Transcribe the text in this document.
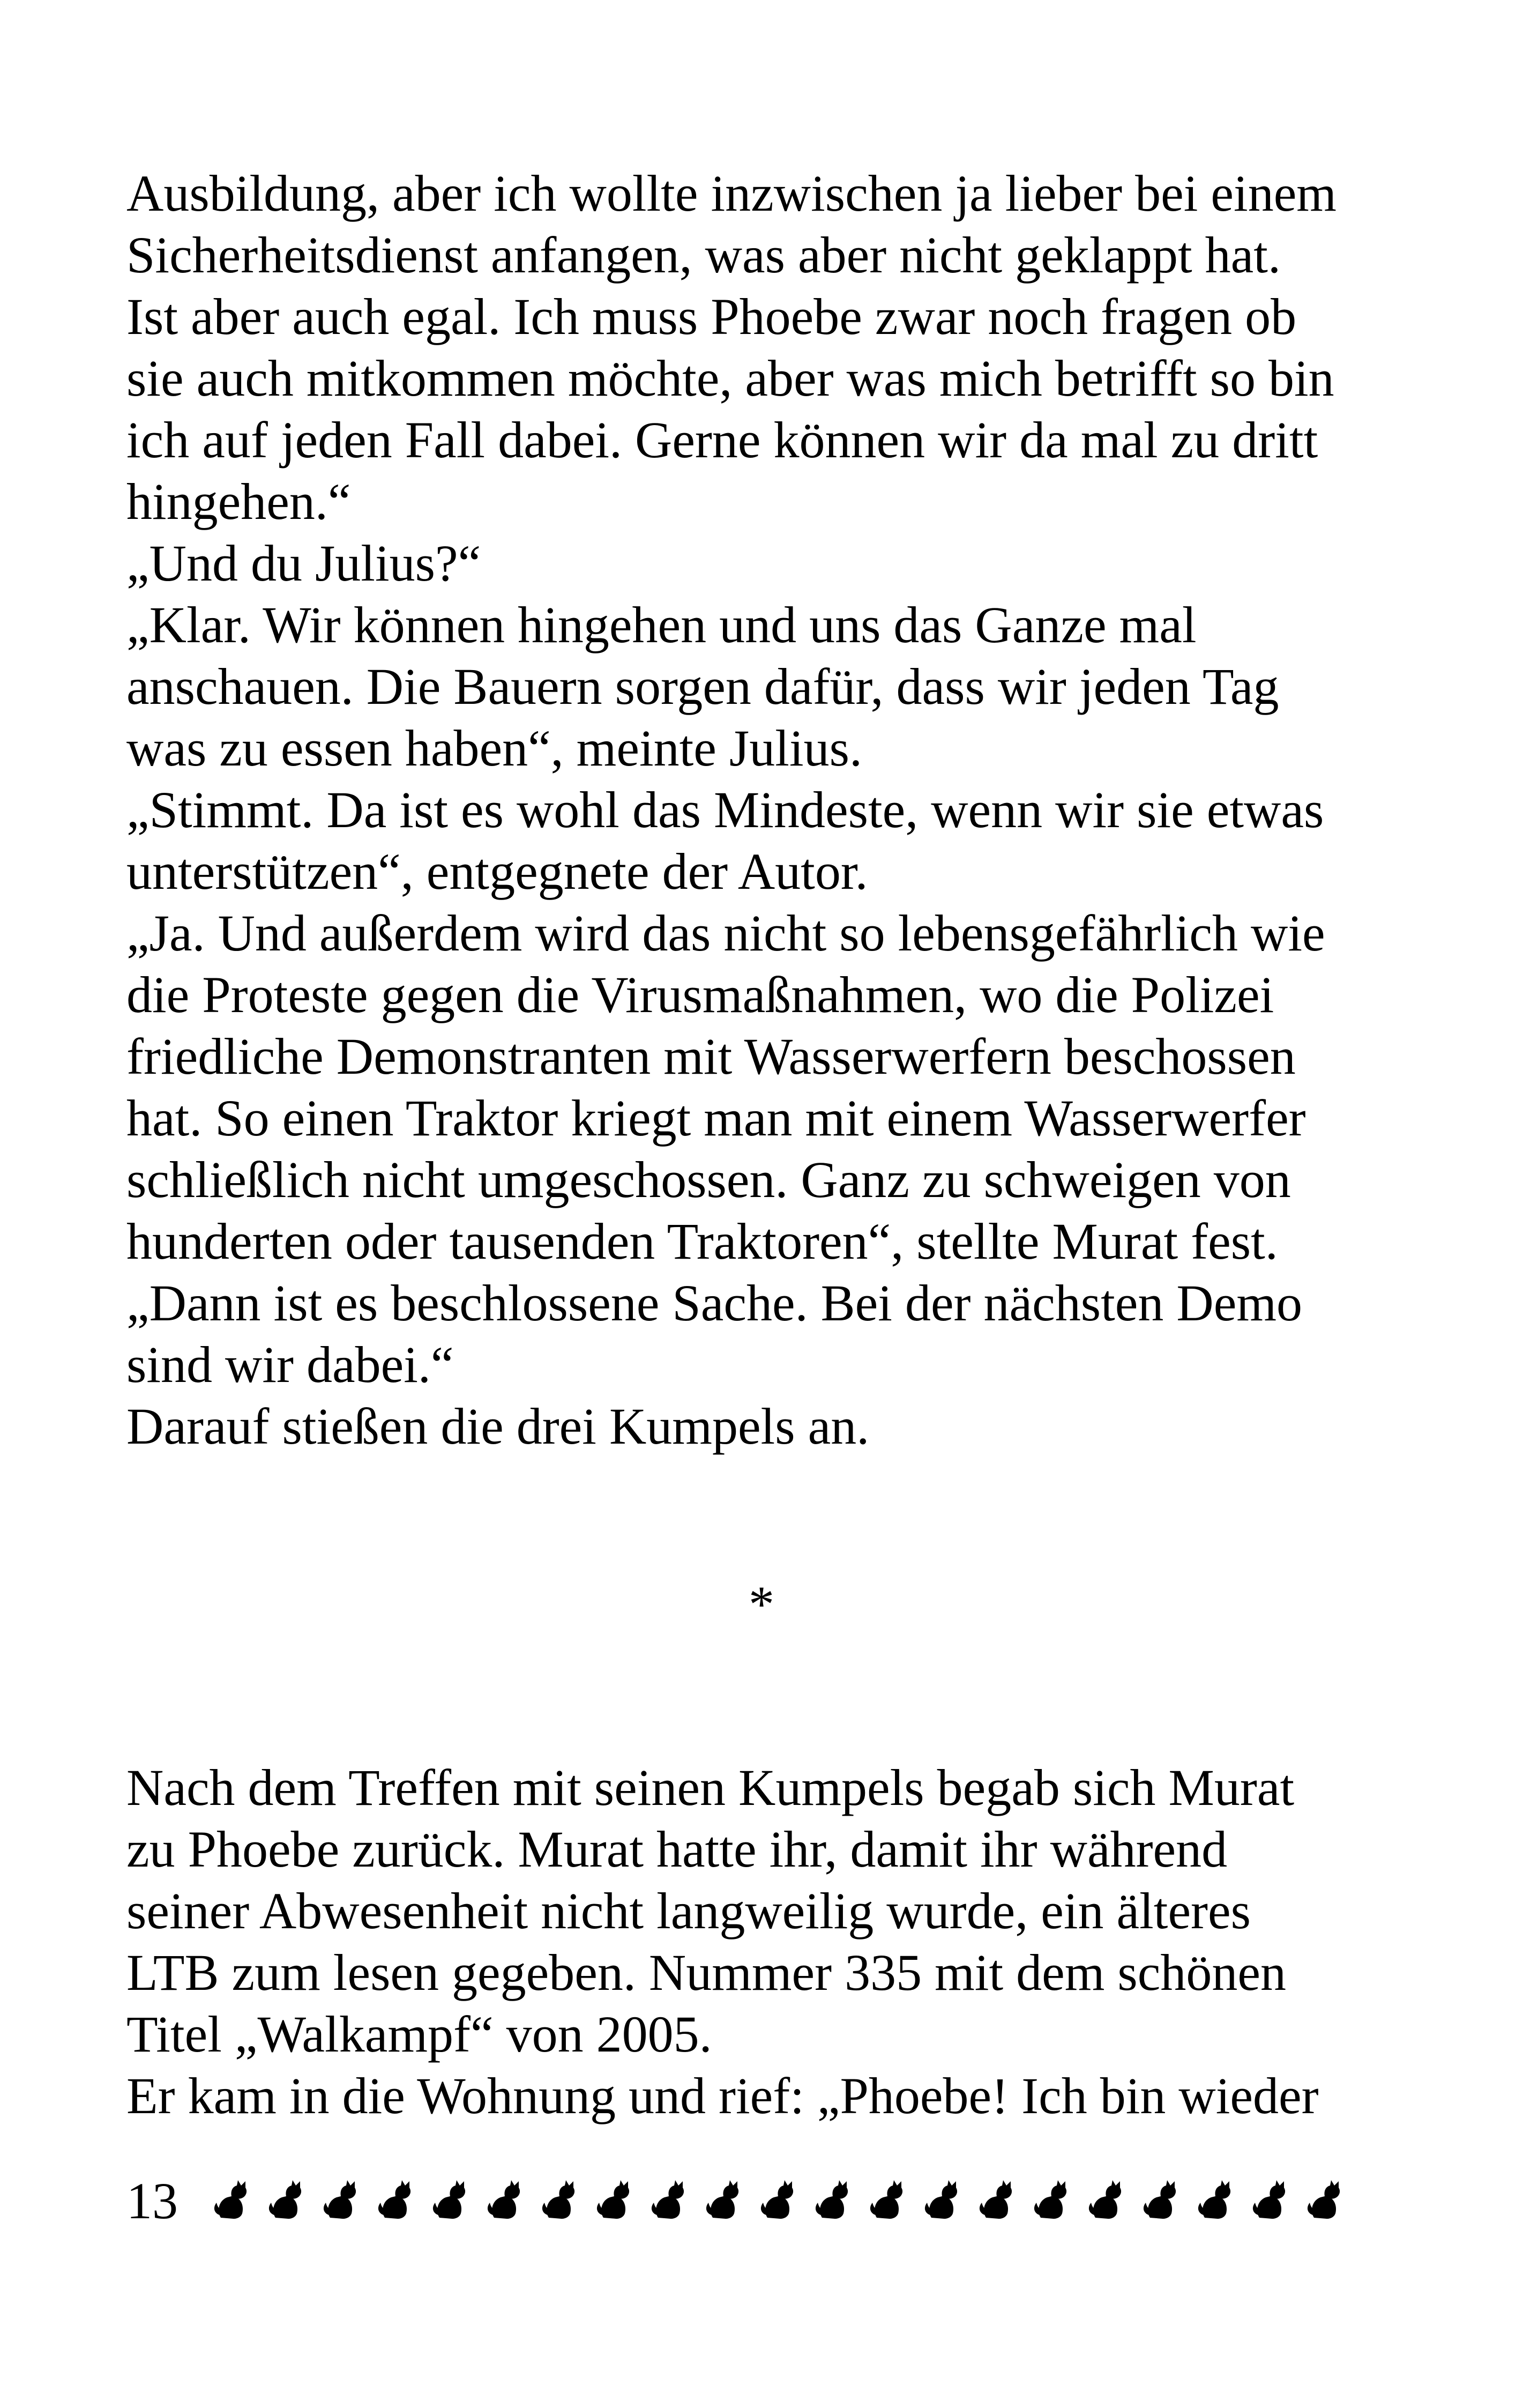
Ausbildung, aber ich wollte inzwischen ja lieber bei einem
Sicherheitsdienst anfangen, was aber nicht geklappt hat.
Ist aber auch egal. Ich muss Phoebe zwar noch fragen ob
sie auch mitkommen möchte, aber was mich betrifft so bin
ich auf jeden Fall dabei. Gerne können wir da mal zu dritt
hingehen.“
„Und du Julius?“
„Klar. Wir können hingehen und uns das Ganze mal
anschauen. Die Bauern sorgen dafür, dass wir jeden Tag
was zu essen haben“, meinte Julius.
„Stimmt. Da ist es wohl das Mindeste, wenn wir sie etwas
unterstützen“, entgegnete der Autor.
„Ja. Und außerdem wird das nicht so lebensgefährlich wie
die Proteste gegen die Virusmaßnahmen, wo die Polizei
friedliche Demonstranten mit Wasserwerfern beschossen
hat. So einen Traktor kriegt man mit einem Wasserwerfer
schließlich nicht umgeschossen. Ganz zu schweigen von
hunderten oder tausenden Traktoren“, stellte Murat fest.
„Dann ist es beschlossene Sache. Bei der nächsten Demo
sind wir dabei.“
Darauf stießen die drei Kumpels an.
*
Nach dem Treffen mit seinen Kumpels begab sich Murat
zu Phoebe zurück. Murat hatte ihr, damit ihr während
seiner Abwesenheit nicht langweilig wurde, ein älteres
LTB zum lesen gegeben. Nummer 335 mit dem schönen
Titel „Walkampf“ von 2005.
Er kam in die Wohnung und rief: „Phoebe! Ich bin wieder
13
